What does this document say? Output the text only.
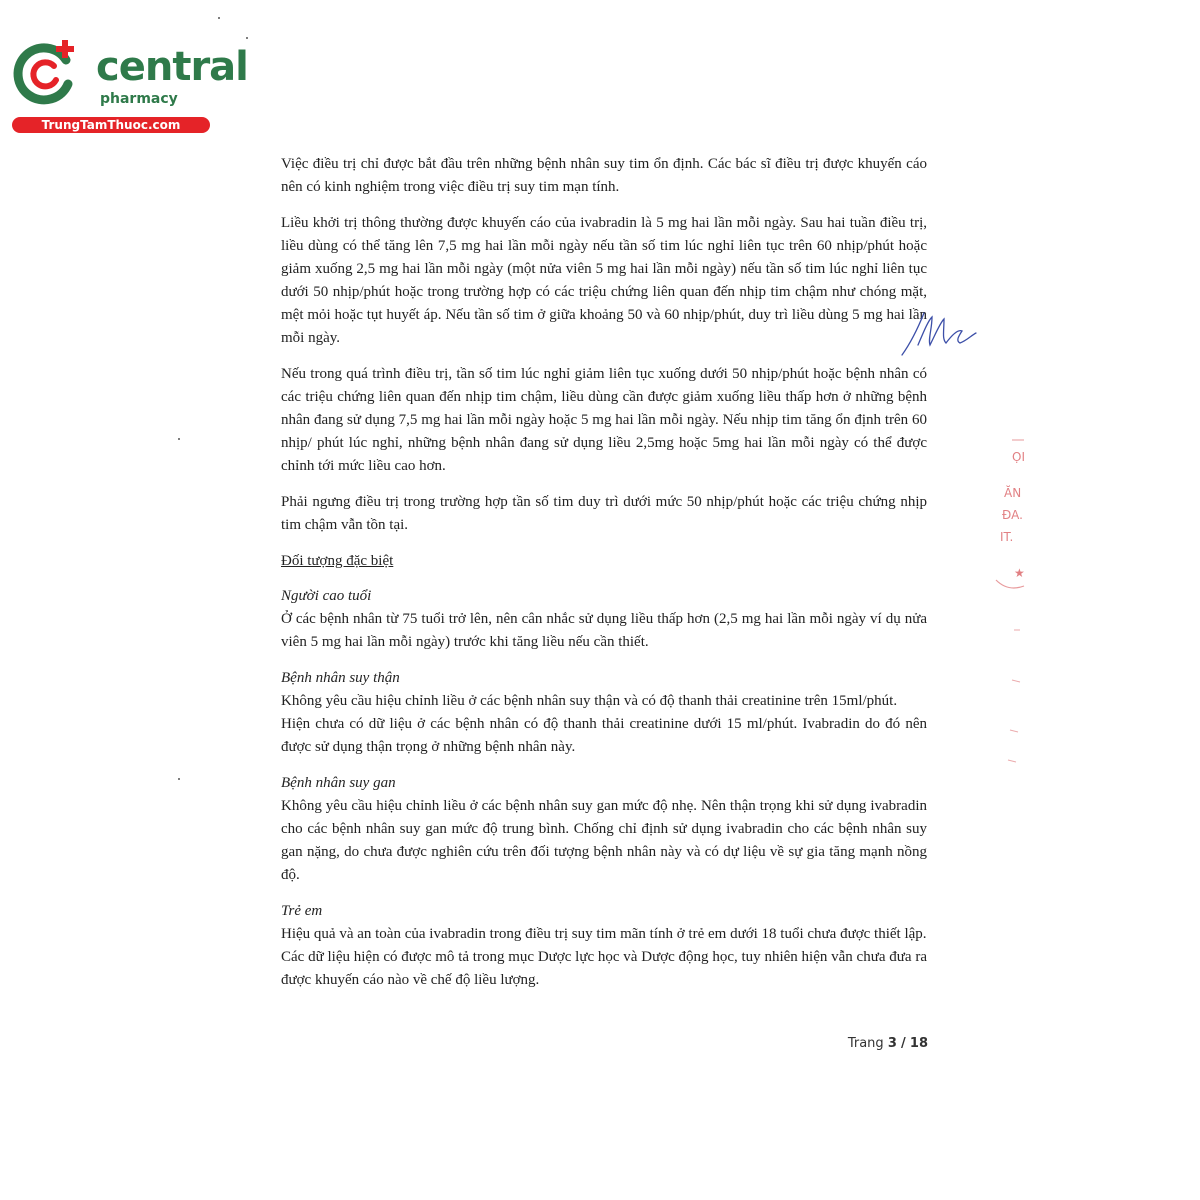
central
pharmacy
TrungTamThuoc.com

Việc điều trị chỉ được bắt đầu trên những bệnh nhân suy tim ổn định. Các bác sĩ điều trị được khuyến cáo nên có kinh nghiệm trong việc điều trị suy tim mạn tính.

Liều khởi trị thông thường được khuyến cáo của ivabradin là 5 mg hai lần mỗi ngày. Sau hai tuần điều trị, liều dùng có thể tăng lên 7,5 mg hai lần mỗi ngày nếu tần số tim lúc nghỉ liên tục trên 60 nhịp/phút hoặc giảm xuống 2,5 mg hai lần mỗi ngày (một nửa viên 5 mg hai lần mỗi ngày) nếu tần số tim lúc nghỉ liên tục dưới 50 nhịp/phút hoặc trong trường hợp có các triệu chứng liên quan đến nhịp tim chậm như chóng mặt, mệt mỏi hoặc tụt huyết áp. Nếu tần số tim ở giữa khoảng 50 và 60 nhịp/phút, duy trì liều dùng 5 mg hai lần mỗi ngày.

Nếu trong quá trình điều trị, tần số tim lúc nghỉ giảm liên tục xuống dưới 50 nhịp/phút hoặc bệnh nhân có các triệu chứng liên quan đến nhịp tim chậm, liều dùng cần được giảm xuống liều thấp hơn ở những bệnh nhân đang sử dụng 7,5 mg hai lần mỗi ngày hoặc 5 mg hai lần mỗi ngày. Nếu nhịp tim tăng ổn định trên 60 nhịp/ phút lúc nghỉ, những bệnh nhân đang sử dụng liều 2,5mg hoặc 5mg hai lần mỗi ngày có thể được chỉnh tới mức liều cao hơn.

Phải ngưng điều trị trong trường hợp tần số tim duy trì dưới mức 50 nhịp/phút hoặc các triệu chứng nhịp tim chậm vẫn tồn tại.

Đối tượng đặc biệt
Người cao tuổi

Ở các bệnh nhân từ 75 tuổi trở lên, nên cân nhắc sử dụng liều thấp hơn (2,5 mg hai lần mỗi ngày ví dụ nửa viên 5 mg hai lần mỗi ngày) trước khi tăng liều nếu cần thiết.

Bệnh nhân suy thận

Không yêu cầu hiệu chỉnh liều ở các bệnh nhân suy thận và có độ thanh thải creatinine trên 15ml/phút.

Hiện chưa có dữ liệu ở các bệnh nhân có độ thanh thải creatinine dưới 15 ml/phút. Ivabradin do đó nên được sử dụng thận trọng ở những bệnh nhân này.

Bệnh nhân suy gan

Không yêu cầu hiệu chỉnh liều ở các bệnh nhân suy gan mức độ nhẹ. Nên thận trọng khi sử dụng ivabradin cho các bệnh nhân suy gan mức độ trung bình. Chống chỉ định sử dụng ivabradin cho các bệnh nhân suy gan nặng, do chưa được nghiên cứu trên đối tượng bệnh nhân này và có dự liệu về sự gia tăng mạnh nồng độ.

Trẻ em

Hiệu quả và an toàn của ivabradin trong điều trị suy tim mãn tính ở trẻ em dưới 18 tuổi chưa được thiết lập.

Các dữ liệu hiện có được mô tả trong mục Dược lực học và Dược động học, tuy nhiên hiện vẫn chưa đưa ra được khuyến cáo nào về chế độ liều lượng.

ỌI
ĂN
ĐA.
IT.
★
Trang 3 / 18
